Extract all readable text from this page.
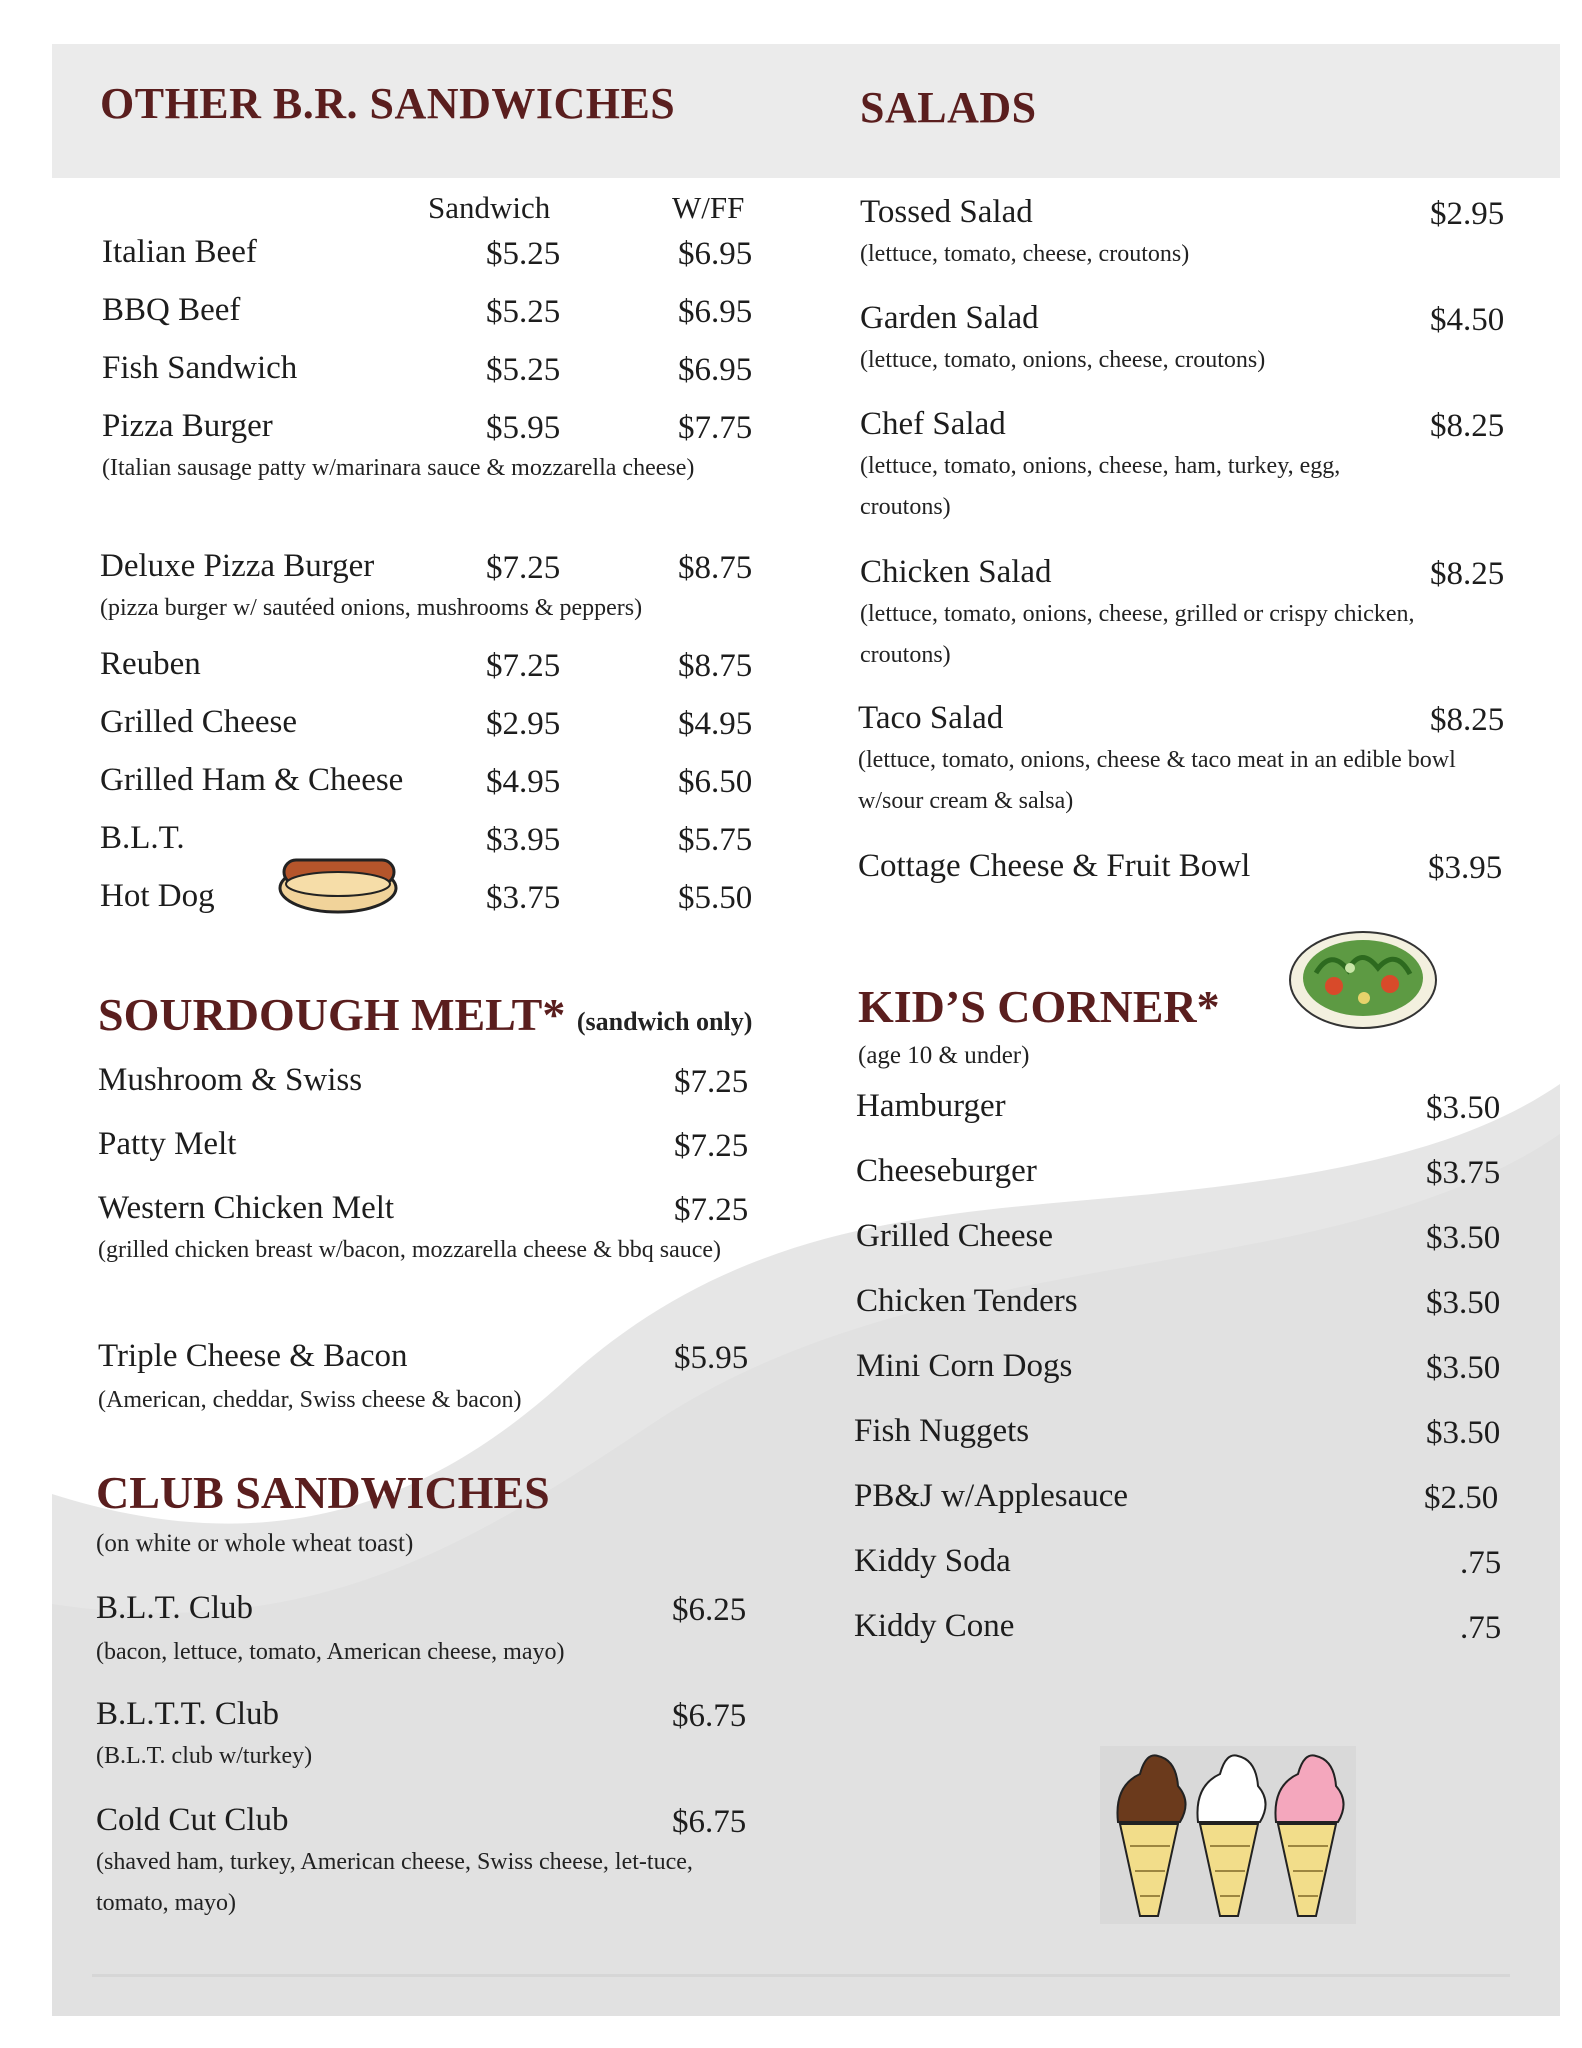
OTHER B.R. SANDWICHES	SALADS
Sandwich	W/FF
Italian Beef	$5.25	$6.95
BBQ Beef	$5.25	$6.95
Fish Sandwich	$5.25	$6.95
Pizza Burger	$5.95	$7.75
(Italian sausage patty w/marinara sauce & mozzarella cheese)
Deluxe Pizza Burger	$7.25	$8.75
(pizza burger w/ sautéed onions, mushrooms & peppers)
Reuben	$7.25	$8.75
Grilled Cheese	$2.95	$4.95
Grilled Ham & Cheese	$4.95	$6.50
B.L.T.	$3.95	$5.75
Hot Dog	$3.75	$5.50
SOURDOUGH MELT* (sandwich only)
Mushroom & Swiss	$7.25
Patty Melt	$7.25
Western Chicken Melt	$7.25
(grilled chicken breast w/bacon, mozzarella cheese & bbq sauce)
Triple Cheese & Bacon	$5.95
(American, cheddar, Swiss cheese & bacon)
CLUB SANDWICHES
(on white or whole wheat toast)
B.L.T. Club	$6.25
(bacon, lettuce, tomato, American cheese, mayo)
B.L.T.T. Club	$6.75
(B.L.T. club w/turkey)
Cold Cut Club	$6.75
(shaved ham, turkey, American cheese, Swiss cheese, let-tuce, tomato, mayo)
Tossed Salad	$2.95
(lettuce, tomato, cheese, croutons)
Garden Salad	$4.50
(lettuce, tomato, onions, cheese, croutons)
Chef Salad	$8.25
(lettuce, tomato, onions, cheese, ham, turkey, egg, croutons)
Chicken Salad	$8.25
(lettuce, tomato, onions, cheese, grilled or crispy chicken, croutons)
Taco Salad	$8.25
(lettuce, tomato, onions, cheese & taco meat in an edible bowl w/sour cream & salsa)
Cottage Cheese & Fruit Bowl	$3.95
KID’S CORNER*
(age 10 & under)
Hamburger	$3.50
Cheeseburger	$3.75
Grilled Cheese	$3.50
Chicken Tenders	$3.50
Mini Corn Dogs	$3.50
Fish Nuggets	$3.50
PB&J w/Applesauce	$2.50
Kiddy Soda	.75
Kiddy Cone	.75
